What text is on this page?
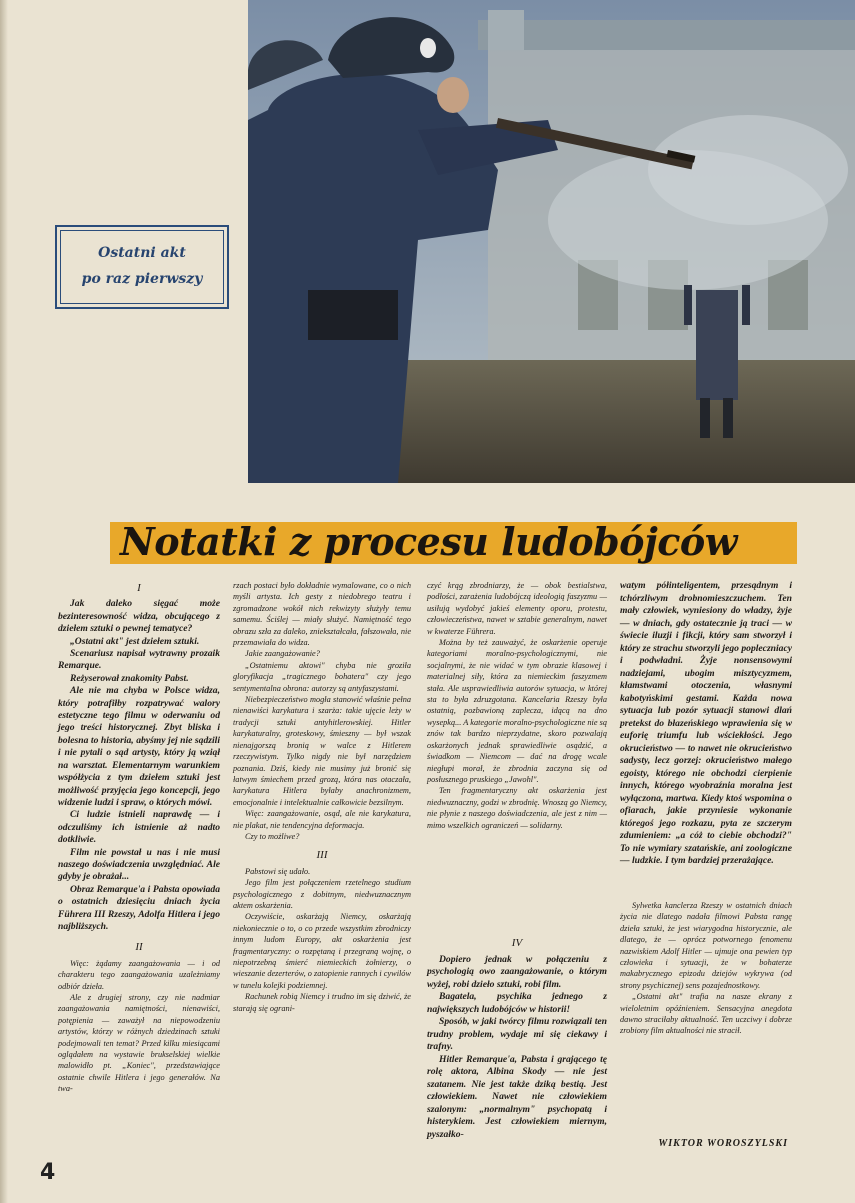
Ostatni akt
po raz pierwszy
Notatki z procesu ludobójców

I

Jak daleko sięgać może bezinteresowność widza, obcującego z dziełem sztuki o pewnej tematyce?

„Ostatni akt" jest dziełem sztuki.

Scenariusz napisał wytrawny prozaik Remarque.

Reżyserował znakomity Pabst.

Ale nie ma chyba w Polsce widza, który potrafiłby rozpatrywać walory estetyczne tego filmu w oderwaniu od jego treści historycznej. Zbyt bliska i bolesna to historia, abyśmy jej nie sądzili i nie pytali o sąd artysty, który ją wziął na warsztat. Elementarnym warunkiem współżycia z tym dziełem sztuki jest możliwość przyjęcia jego koncepcji, jego widzenie ludzi i spraw, o których mówi.

Ci ludzie istnieli naprawdę — i odczuliśmy ich istnienie aż nadto dotkliwie.

Film nie powstał u nas i nie musi naszego doświadczenia uwzględniać. Ale gdyby je obrażał...

Obraz Remarque'a i Pabsta opowiada o ostatnich dziesięciu dniach życia Führera III Rzeszy, Adolfa Hitlera i jego najbliższych.

II

Więc: żądamy zaangażowania — i od charakteru tego zaangażowania uzależniamy odbiór dzieła.

Ale z drugiej strony, czy nie nadmiar zaangażowania namiętności, nienawiści, potępienia — zaważył na niepowodzeniu artystów, którzy w różnych dziedzinach sztuki podejmowali ten temat? Przed kilku miesiącami oglądałem na wystawie brukselskiej wielkie malowidło pt. „Koniec", przedstawiające ostatnie chwile Hitlera i jego generałów. Na twa-

rzach postaci było dokładnie wymalowane, co o nich myśli artysta. Ich gesty z niedobrego teatru i zgromadzone wokół nich rekwizyty służyły temu samemu. Ściślej — miały służyć. Namiętność tego obrazu szła za daleko, zniekształcała, fałszowała, nie przemawiała do widza.

Jakie zaangażowanie?

„Ostatniemu aktowi" chyba nie groziła gloryfikacja „tragicznego bohatera" czy jego sentymentalna obrona: autorzy są antyfaszystami.

Niebezpieczeństwo mogła stanowić właśnie pełna nienawiści karykatura i szarża: takie ujęcie leży w tradycji sztuki antyhitlerowskiej. Hitler karykaturalny, groteskowy, śmieszny — był wszak nienajgorszą bronią w walce z Hitlerem rzeczywistym. Tylko nigdy nie był narzędziem poznania. Dziś, kiedy nie musimy już bronić się łatwym śmiechem przed grozą, która nas otaczała, karykatura Hitlera byłaby anachronizmem, emocjonalnie i intelektualnie całkowicie bezsilnym.

Więc: zaangażowanie, osąd, ale nie karykatura, nie plakat, nie tendencyjna deformacja.

Czy to możliwe?

III

Pabstowi się udało.

Jego film jest połączeniem rzetelnego studium psychologicznego z dobitnym, niedwuznacznym aktem oskarżenia.

Oczywiście, oskarżają Niemcy, oskarżają niekoniecznie o to, o co przede wszystkim zbrodniczy innym ludom Europy, akt oskarżenia jest fragmentaryczny: o rozpętaną i przegraną wojnę, o niepotrzebną śmierć niemieckich żołnierzy, o wieszanie dezerterów, o zatopienie rannych i cywilów w tunelu kolejki podziemnej.

Rachunek robią Niemcy i trudno im się dziwić, że starają się ograni-

czyć krąg zbrodniarzy, że — obok bestialstwa, podłości, zarażenia ludobójczą ideologią faszyzmu — usiłują wydobyć jakieś elementy oporu, protestu, człowieczeństwa, nawet w sztabie generalnym, nawet w kwaterze Führera.

Można by też zauważyć, że oskarżenie operuje kategoriami moralno-psychologicznymi, nie socjalnymi, że nie widać w tym obrazie klasowej i materialnej siły, która za niemieckim faszyzmem stała. Ale usprawiedliwia autorów sytuacja, w której sta to była zdruzgotana. Kancelaria Rzeszy była ostatnią, pozbawioną zaplecza, idącą na dno wysepką... A kategorie moralno-psychologiczne nie są znów tak bardzo nieprzydatne, skoro pozwalają oskarżonych jednak sprawiedliwie osądzić, a świadkom — Niemcom — dać na drogę wcale niegłupi morał, że zbrodnia zaczyna się od posłusznego pruskiego „Jawohl".

Ten fragmentaryczny akt oskarżenia jest niedwuznaczny, godzi w zbrodnię. Wnoszą go Niemcy, nie płynie z naszego doświadczenia, ale jest z nim — mimo wszelkich ograniczeń — solidarny.

IV

Dopiero jednak w połączeniu z psychologią owo zaangażowanie, o którym wyżej, robi dzieło sztuki, robi film.

Bagatela, psychika jednego z największych ludobójców w historii!

Sposób, w jaki twórcy filmu rozwiązali ten trudny problem, wydaje mi się ciekawy i trafny.

Hitler Remarque'a, Pabsta i grającego tę rolę aktora, Albina Skody — nie jest szatanem. Nie jest także dziką bestią. Jest człowiekiem. Nawet nie człowiekiem szalonym: „normalnym" psychopatą i histerykiem. Jest człowiekiem miernym, pyszałko-

watym półinteligentem, przesądnym i tchórzliwym drobnomieszczuchem. Ten mały człowiek, wyniesiony do władzy, żyje — w dniach, gdy ostatecznie ją traci — w świecie iluzji i fikcji, który sam stworzył i który ze strachu stworzyli jego popleczniacy i podwładni. Żyje nonsensowymi nadziejami, ubogim misztycyzmem, kłamstwami otoczenia, własnymi kabotyńskimi gestami. Każda nowa sytuacja lub pozór sytuacji stanowi dlań pretekst do błazeńskiego wprawienia się w euforię triumfu lub wściekłości. Jego okrucieństwo — to nawet nie okrucieństwo sadysty, lecz gorzej: okrucieństwo małego egoisty, którego nie obchodzi cierpienie innych, którego wyobraźnia moralna jest wyłączona, martwa. Kiedy ktoś wspomina o ofiarach, jakie przyniesie wykonanie któregoś jego rozkazu, pyta ze szczerym zdumieniem: „a cóż to ciebie obchodzi?" To nie wymiary szatańskie, ani zoologiczne — ludzkie. I tym bardziej przerażające.

Sylwetka kanclerza Rzeszy w ostatnich dniach życia nie dlatego nadała filmowi Pabsta rangę dzieła sztuki, że jest wiarygodna historycznie, ale dlatego, że — oprócz potwornego fenomenu nazwiskiem Adolf Hitler — ujmuje ona pewien typ człowieka i sytuacji, że w bohaterze makabrycznego epizodu dziejów wykrywa (od strony psychicznej) sens pozajednostkowy.

„Ostatni akt" trafia na nasze ekrany z wieloletnim opóźnieniem. Sensacyjna anegdota dawno straciłaby aktualność. Ten uczciwy i dobrze zrobiony film aktualności nie stracił.

WIKTOR WOROSZYLSKI
4
